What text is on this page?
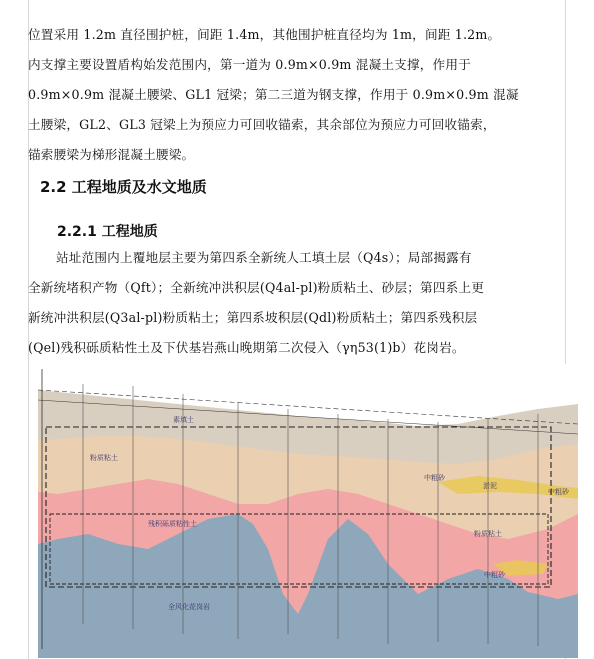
位置采用 1.2m 直径围护桩，间距 1.4m，其他围护桩直径均为 1m，间距 1.2m。
内支撑主要设置盾构始发范围内，第一道为 0.9m×0.9m 混凝土支撑，作用于
0.9m×0.9m 混凝土腰梁、GL1 冠梁；第二三道为钢支撑，作用于 0.9m×0.9m 混凝
土腰梁，GL2、GL3 冠梁上为预应力可回收锚索，其余部位为预应力可回收锚索，
锚索腰梁为梯形混凝土腰梁。
2.2 工程地质及水文地质
2.2.1 工程地质
站址范围内上覆地层主要为第四系全新统人工填土层（Q4s）；局部揭露有
全新统堵积产物（Qft）；全新统冲洪积层(Q4al-pl)粉质粘土、砂层；第四系上更
新统冲洪积层(Q3al-pl)粉质粘土；第四系坡积层(Qdl)粉质粘土；第四系残积层
(Qel)残积砾质粘性土及下伏基岩燕山晚期第二次侵入（γη53(1)b）花岗岩。
素填土
粉质粘土
残积砾质粘性土
中粗砂
淤泥
中粗砂
粉质粘土
中粗砂
全风化花岗岩
